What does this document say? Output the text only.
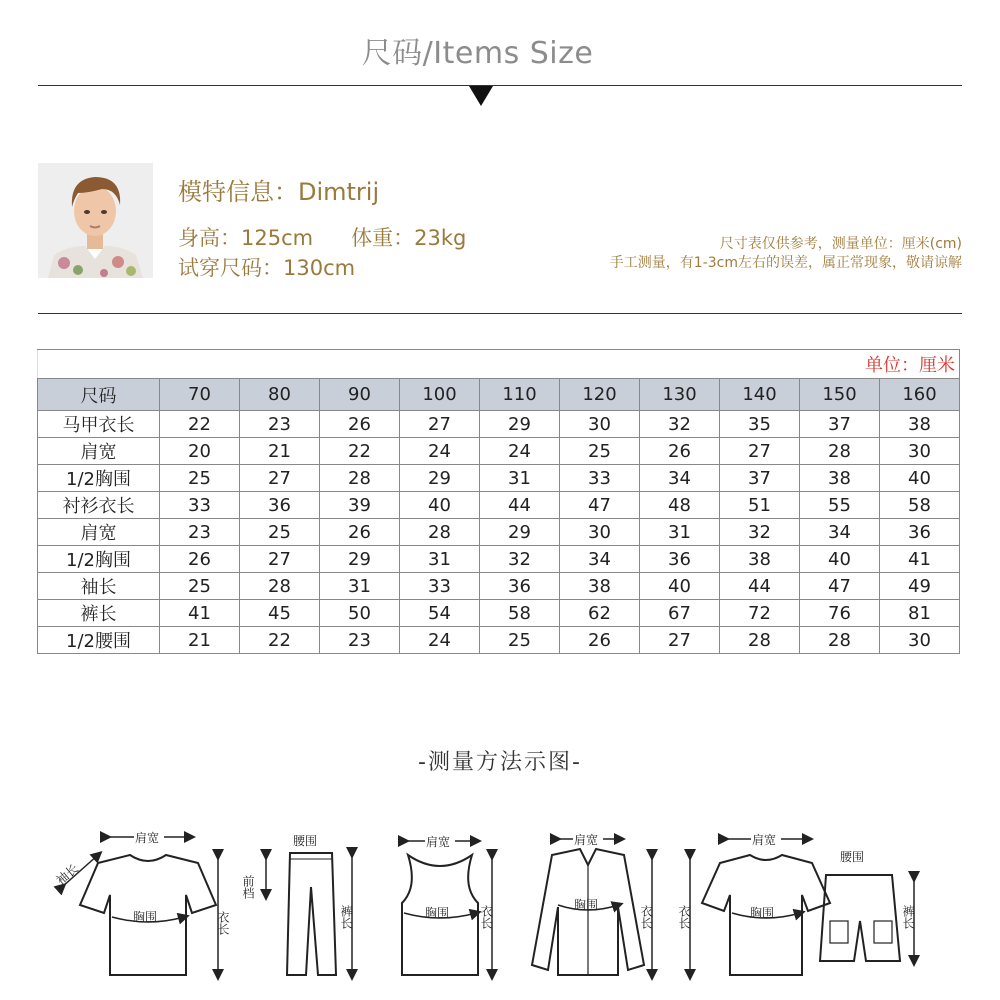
尺码/Items Size
模特信息：Dimtrij
身高：125cm 体重：23kg
试穿尺码：130cm
尺寸表仅供参考，测量单位：厘米(cm)
手工测量，有1-3cm左右的误差，属正常现象，敬请谅解
单位：厘米										
尺码	70	80	90	100	110	120	130	140	150	160
马甲衣长	22	23	26	27	29	30	32	35	37	38
肩宽	20	21	22	24	24	25	26	27	28	30
1/2胸围	25	27	28	29	31	33	34	37	38	40
衬衫衣长	33	36	39	40	44	47	48	51	55	58
肩宽	23	25	26	28	29	30	31	32	34	36
1/2胸围	26	27	29	31	32	34	36	38	40	41
袖长	25	28	31	33	36	38	40	44	47	49
裤长	41	45	50	54	58	62	67	72	76	81
1/2腰围	21	22	23	24	25	26	27	28	28	30
-测量方法示图-
肩宽
胸围	衣长
袖长
腰围
前档
裤长
肩宽
胸围 衣长
肩宽
胸围	衣长 衣长
肩宽
胸围
腰围
裤长
